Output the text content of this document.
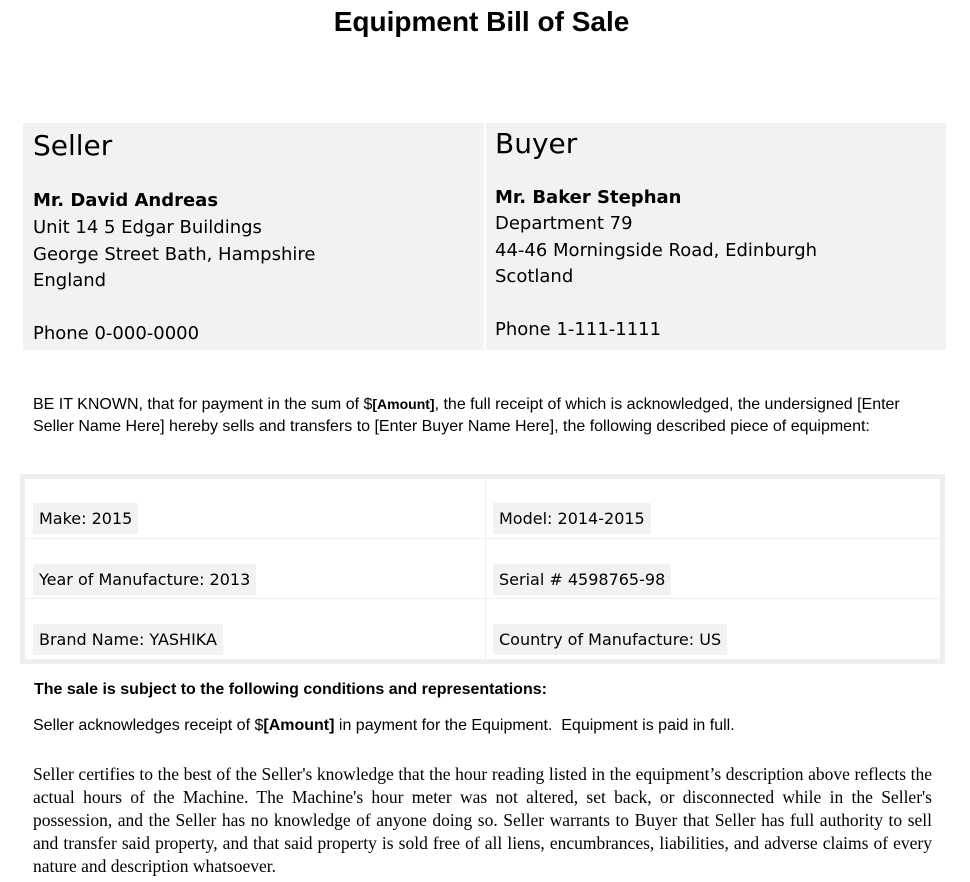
Equipment Bill of Sale
Seller
Mr. David Andreas
Unit 14 5 Edgar Buildings
George Street Bath, Hampshire
England
Phone 0-000-0000
Buyer
Mr. Baker Stephan
Department 79
44-46 Morningside Road, Edinburgh
Scotland
Phone 1-111-1111
BE IT KNOWN, that for payment in the sum of $[Amount], the full receipt of which is acknowledged, the undersigned [Enter Seller Name Here] hereby sells and transfers to [Enter Buyer Name Here], the following described piece of equipment:
Make: 2015	Model: 2014-2015
Year of Manufacture: 2013	Serial # 4598765-98
Brand Name: YASHIKA	Country of Manufacture: US
The sale is subject to the following conditions and representations:
Seller acknowledges receipt of $[Amount] in payment for the Equipment.  Equipment is paid in full.
Seller certifies to the best of the Seller's knowledge that the hour reading listed in the equipment’s description above reflects the actual hours of the Machine. The Machine's hour meter was not altered, set back, or disconnected while in the Seller's possession, and the Seller has no knowledge of anyone doing so. Seller warrants to Buyer that Seller has full authority to sell and transfer said property, and that said property is sold free of all liens, encumbrances, liabilities, and adverse claims of every nature and description whatsoever.
